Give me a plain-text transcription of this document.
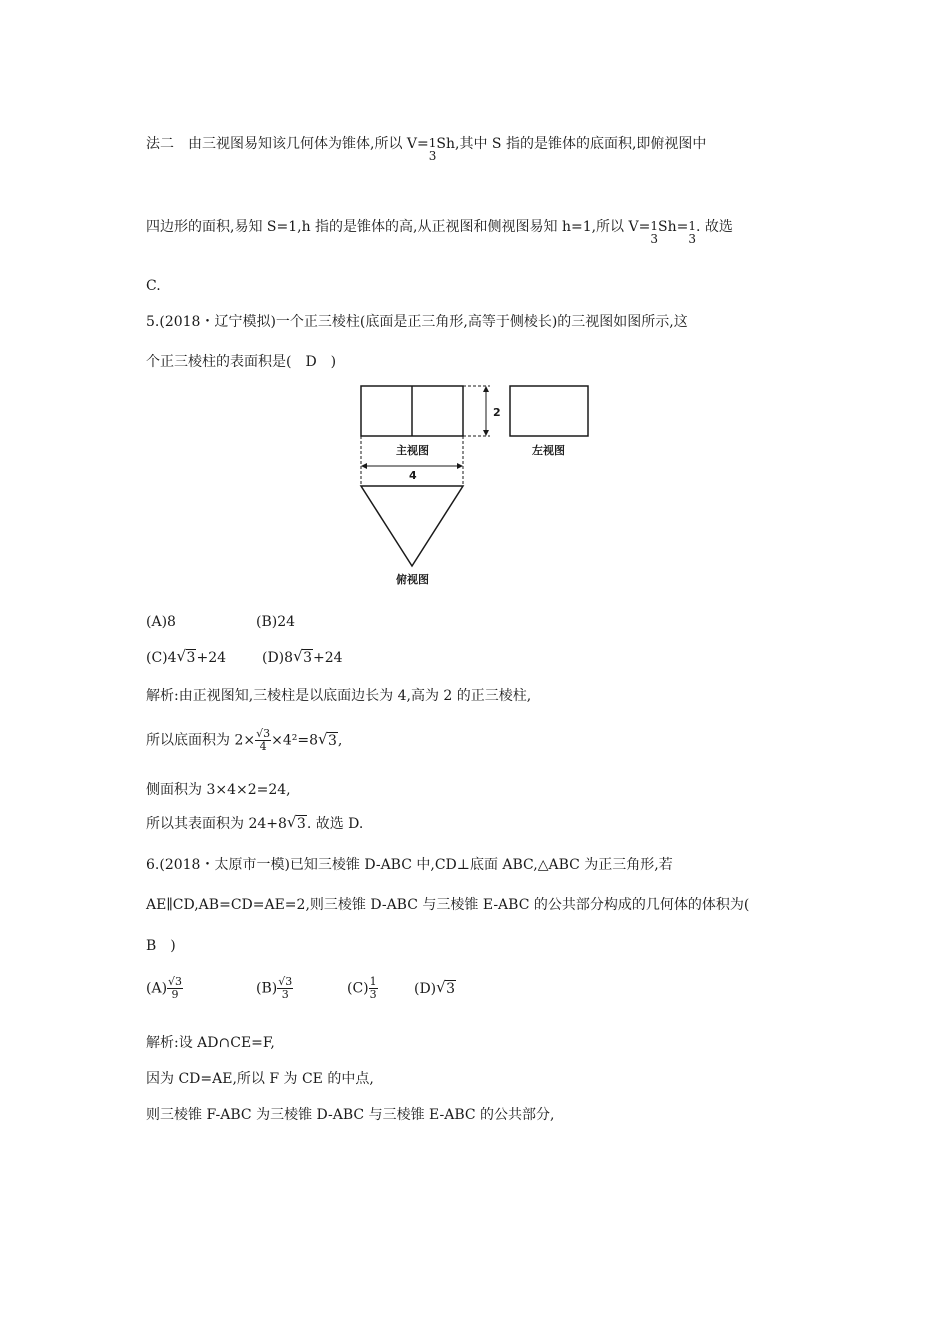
法二　由三视图易知该几何体为锥体,所以 V= 1
3
Sh,其中 S 指的是锥体的底面积,即俯视图中
四边形的面积,易知 S=1,h 指的是锥体的高,从正视图和侧视图易知 h=1,所以 V= 1
3
Sh= 1
3
. 故选
C.
5.(2018・辽宁模拟)一个正三棱柱(底面是正三角形,高等于侧棱长)的三视图如图所示,这
个正三棱柱的表面积是(　D　)
2
主视图	左视图
4
俯视图
(A)8	(B)24
(C)4√ 3+24	(D)8√ 3+24
解析:由正视图知,三棱柱是以底面边长为 4,高为 2 的正三棱柱,
所以底面积为 $2\times \frac{√3}{4} \times 4^2=8√$ 3,
侧面积为 3×4×2=24,
所以其表面积为 24+8√ 3. 故选 D.
6.(2018・太原市一模)已知三棱锥 D-ABC 中,CD⊥底面 ABC,△ABC 为正三角形,若
AE∥CD,AB=CD=AE=2,则三棱锥 D-ABC 与三棱锥 E-ABC 的公共部分构成的几何体的体积为(
B　)
$(A) \frac{√3}{9}$	$(B) \frac{√3}{3}$	$(C) \frac{1}{3}$	(D)√ 3
解析:设 AD∩CE=F,
因为 CD=AE,所以 F 为 CE 的中点,
则三棱锥 F-ABC 为三棱锥 D-ABC 与三棱锥 E-ABC 的公共部分,
